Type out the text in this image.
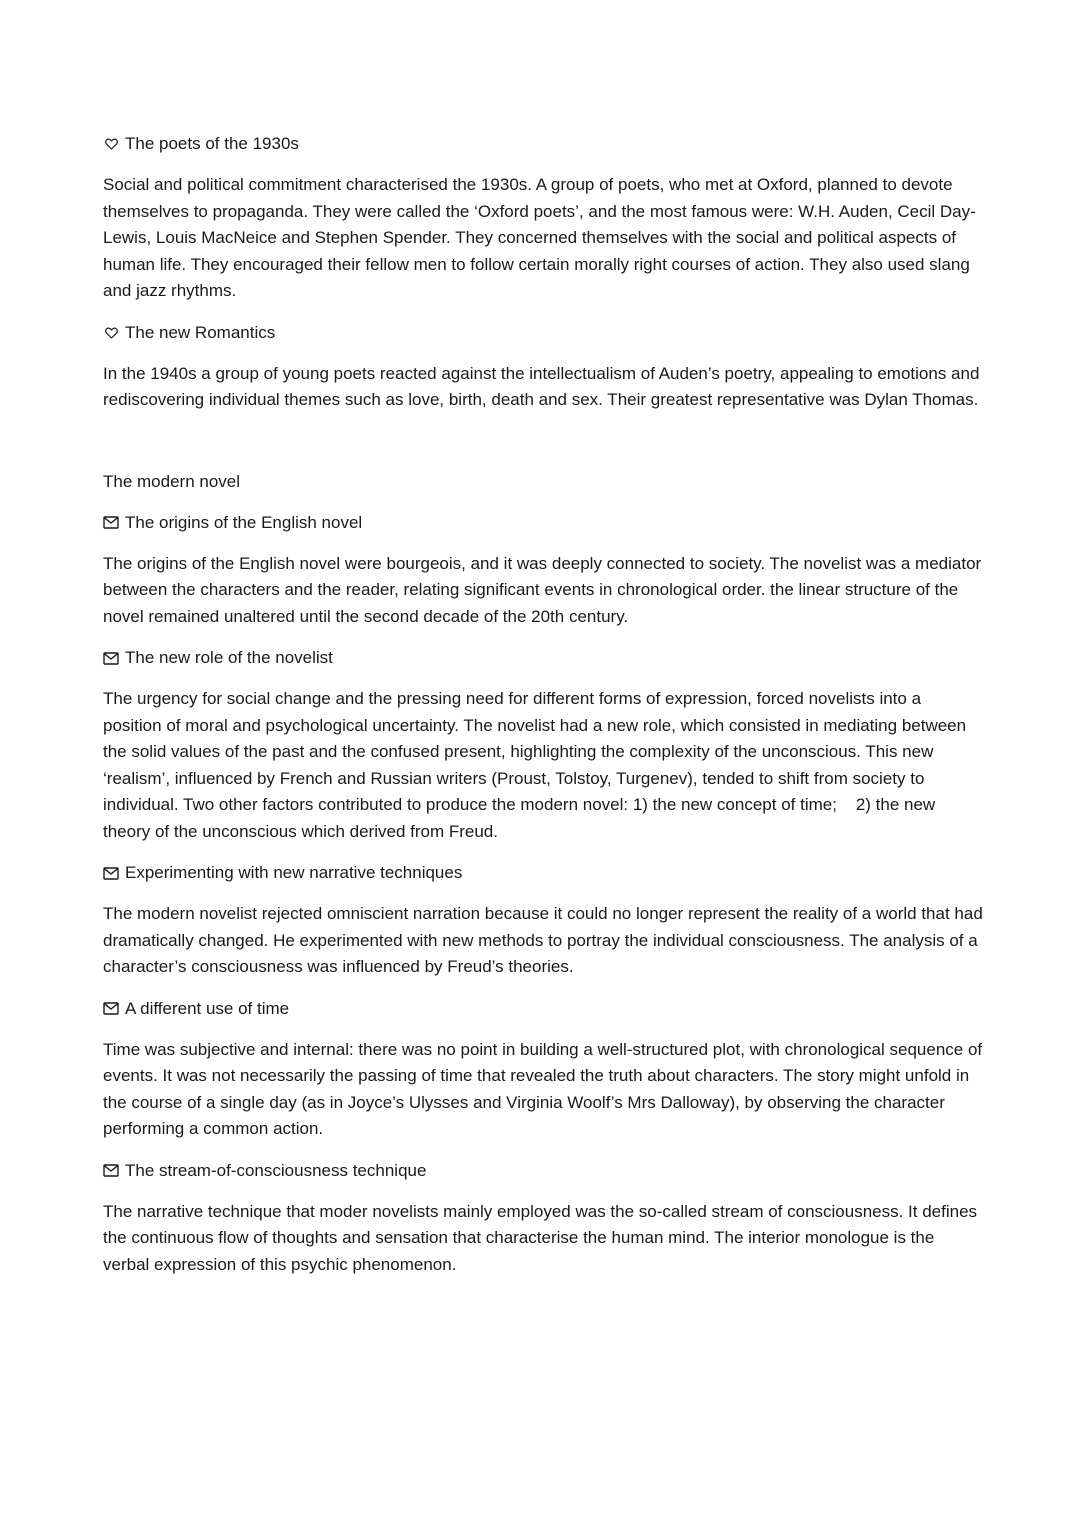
The poets of the 1930s

Social and political commitment characterised the 1930s. A group of poets, who met at Oxford, planned to devote themselves to propaganda. They were called the ‘Oxford poets’, and the most famous were: W.H. Auden, Cecil Day-Lewis, Louis MacNeice and Stephen Spender. They concerned themselves with the social and political aspects of human life. They encouraged their fellow men to follow certain morally right courses of action. They also used slang and jazz rhythms.

The new Romantics

In the 1940s a group of young poets reacted against the intellectualism of Auden’s poetry, appealing to emotions and rediscovering individual themes such as love, birth, death and sex. Their greatest representative was Dylan Thomas.

The modern novel
The origins of the English novel

The origins of the English novel were bourgeois, and it was deeply connected to society. The novelist was a mediator between the characters and the reader, relating significant events in chronological order. the linear structure of the novel remained unaltered until the second decade of the 20th century.

The new role of the novelist

The urgency for social change and the pressing need for different forms of expression, forced novelists into a position of moral and psychological uncertainty. The novelist had a new role, which consisted in mediating between the solid values of the past and the confused present, highlighting the complexity of the unconscious. This new ‘realism’, influenced by French and Russian writers (Proust, Tolstoy, Turgenev), tended to shift from society to individual. Two other factors contributed to produce the modern novel: 1) the new concept of time;    2) the new theory of the unconscious which derived from Freud.

Experimenting with new narrative techniques

The modern novelist rejected omniscient narration because it could no longer represent the reality of a world that had dramatically changed. He experimented with new methods to portray the individual consciousness. The analysis of a character’s consciousness was influenced by Freud’s theories.

A different use of time

Time was subjective and internal: there was no point in building a well-structured plot, with chronological sequence of events. It was not necessarily the passing of time that revealed the truth about characters. The story might unfold in the course of a single day (as in Joyce’s Ulysses and Virginia Woolf’s Mrs Dalloway), by observing the character performing a common action.

The stream-of-consciousness technique

The narrative technique that moder novelists mainly employed was the so-called stream of consciousness. It defines the continuous flow of thoughts and sensation that characterise the human mind. The interior monologue is the verbal expression of this psychic phenomenon.
